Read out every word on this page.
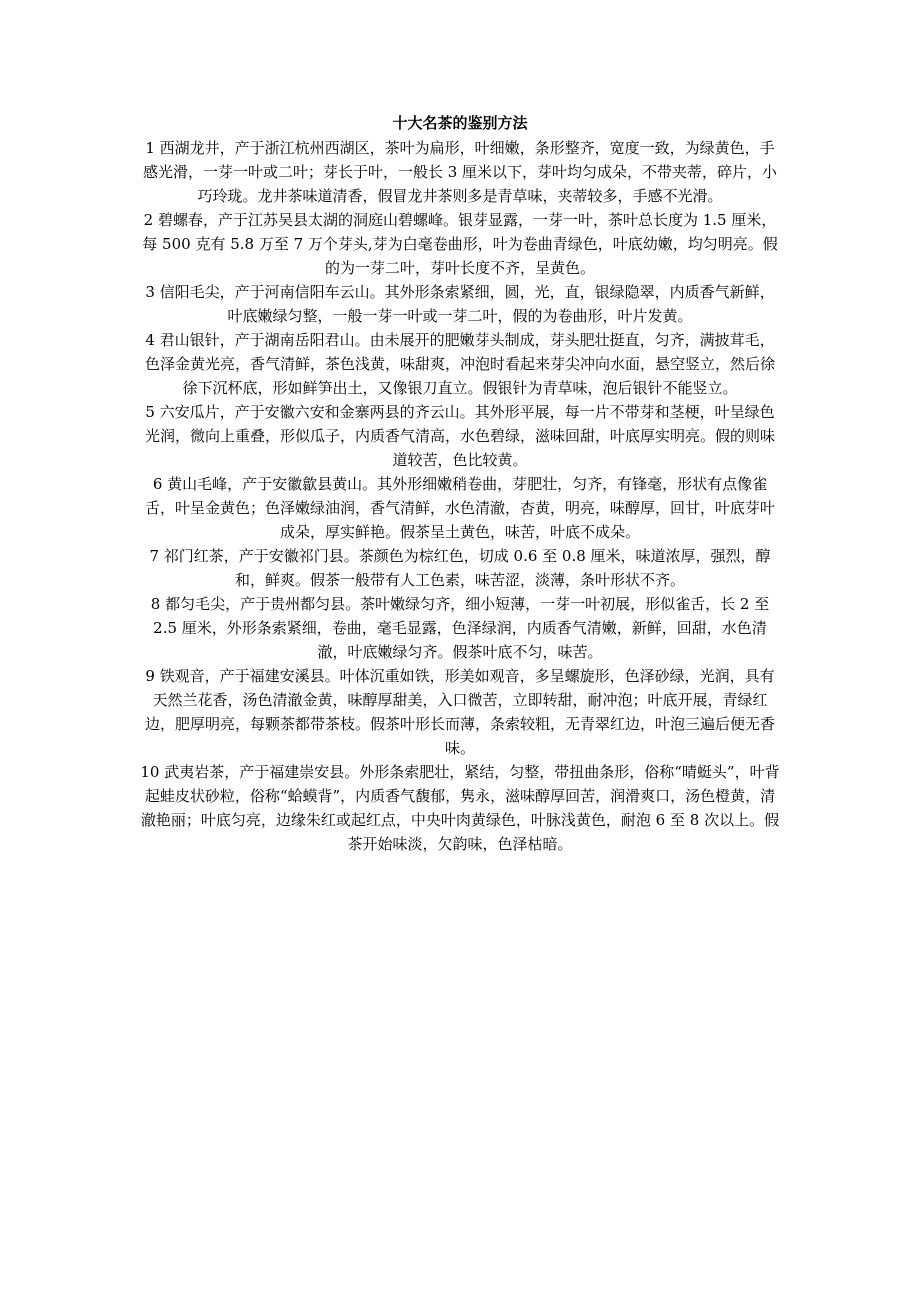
十大名茶的鉴别方法

1 西湖龙井，产于浙江杭州西湖区，茶叶为扁形，叶细嫩，条形整齐，宽度一致，为绿黄色，手感光滑，一芽一叶或二叶；芽长于叶，一般长 3 厘米以下，芽叶均匀成朵，不带夹蒂，碎片，小巧玲珑。龙井茶味道清香，假冒龙井茶则多是青草味，夹蒂较多，手感不光滑。

2 碧螺春，产于江苏吴县太湖的洞庭山碧螺峰。银芽显露，一芽一叶，茶叶总长度为 1.5 厘米，每 500 克有 5.8 万至 7 万个芽头,芽为白毫卷曲形，叶为卷曲青绿色，叶底幼嫩，均匀明亮。假的为一芽二叶，芽叶长度不齐，呈黄色。

3 信阳毛尖，产于河南信阳车云山。其外形条索紧细，圆，光，直，银绿隐翠，内质香气新鲜，叶底嫩绿匀整，一般一芽一叶或一芽二叶，假的为卷曲形，叶片发黄。

4 君山银针，产于湖南岳阳君山。由未展开的肥嫩芽头制成，芽头肥壮挺直，匀齐，满披茸毛，色泽金黄光亮，香气清鲜，茶色浅黄，味甜爽，冲泡时看起来芽尖冲向水面，悬空竖立，然后徐徐下沉杯底，形如鲜笋出土，又像银刀直立。假银针为青草味，泡后银针不能竖立。

5 六安瓜片，产于安徽六安和金寨两县的齐云山。其外形平展，每一片不带芽和茎梗，叶呈绿色光润，微向上重叠，形似瓜子，内质香气清高，水色碧绿，滋味回甜，叶底厚实明亮。假的则味道较苦，色比较黄。

6 黄山毛峰，产于安徽歙县黄山。其外形细嫩稍卷曲，芽肥壮，匀齐，有锋毫，形状有点像雀舌，叶呈金黄色；色泽嫩绿油润，香气清鲜，水色清澈，杏黄，明亮，味醇厚，回甘，叶底芽叶成朵，厚实鲜艳。假茶呈土黄色，味苦，叶底不成朵。

7 祁门红茶，产于安徽祁门县。茶颜色为棕红色，切成 0.6 至 0.8 厘米，味道浓厚，强烈，醇和，鲜爽。假茶一般带有人工色素，味苦涩，淡薄，条叶形状不齐。

8 都匀毛尖，产于贵州都匀县。茶叶嫩绿匀齐，细小短薄，一芽一叶初展，形似雀舌，长 2 至 2.5 厘米，外形条索紧细，卷曲，毫毛显露，色泽绿润，内质香气清嫩，新鲜，回甜，水色清澈，叶底嫩绿匀齐。假茶叶底不匀，味苦。

9 铁观音，产于福建安溪县。叶体沉重如铁，形美如观音，多呈螺旋形，色泽砂绿，光润，具有天然兰花香，汤色清澈金黄，味醇厚甜美，入口微苦，立即转甜，耐冲泡；叶底开展，青绿红边，肥厚明亮，每颗茶都带茶枝。假茶叶形长而薄，条索较粗，无青翠红边，叶泡三遍后便无香味。

10 武夷岩茶，产于福建崇安县。外形条索肥壮，紧结，匀整，带扭曲条形，俗称“晴蜓头”，叶背起蛙皮状砂粒，俗称“蛤蟆背”，内质香气馥郁，隽永，滋味醇厚回苦，润滑爽口，汤色橙黄，清澈艳丽；叶底匀亮，边缘朱红或起红点，中央叶肉黄绿色，叶脉浅黄色，耐泡 6 至 8 次以上。假茶开始味淡，欠韵味，色泽枯暗。
